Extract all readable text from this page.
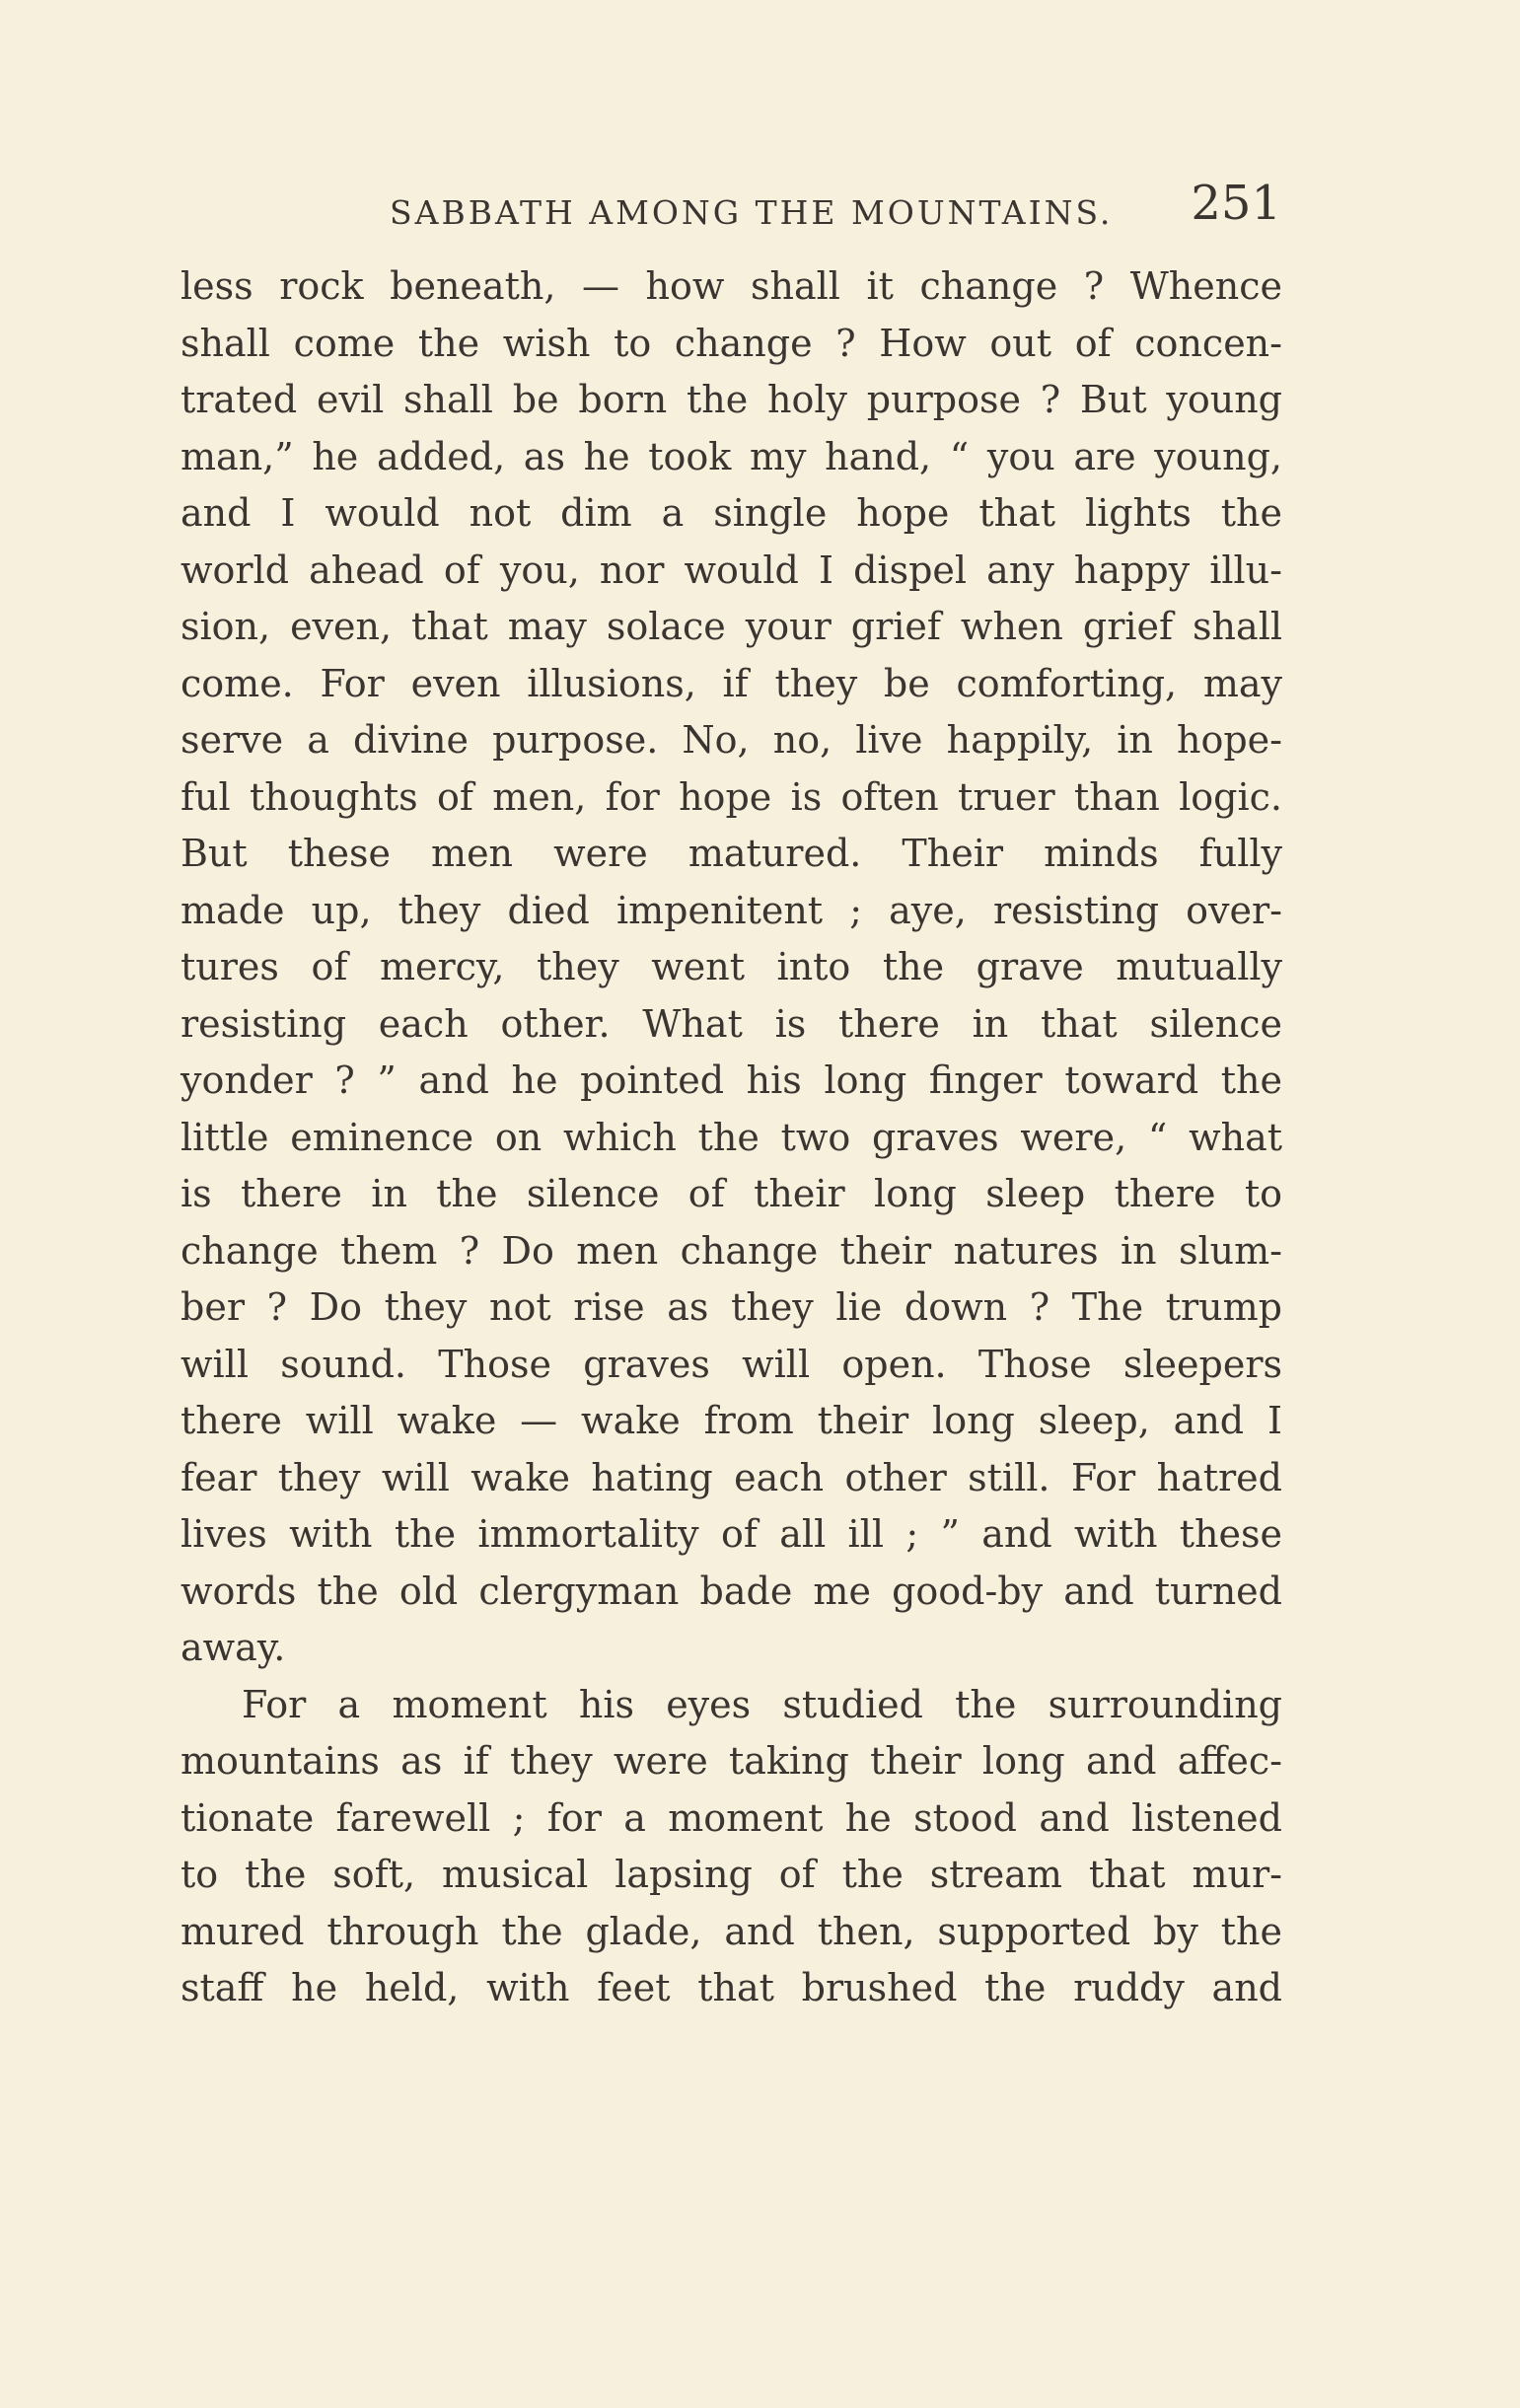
SABBATH AMONG THE MOUNTAINS. 251
less rock beneath, — how shall it change ? Whence
shall come the wish to change ? How out of concen-
trated evil shall be born the holy purpose ? But young
man,” he added, as he took my hand, “ you are young,
and I would not dim a single hope that lights the
world ahead of you, nor would I dispel any happy illu-
sion, even, that may solace your grief when grief shall
come. For even illusions, if they be comforting, may
serve a divine purpose. No, no, live happily, in hope-
ful thoughts of men, for hope is often truer than logic.
But these men were matured. Their minds fully
made up, they died impenitent ; aye, resisting over-
tures of mercy, they went into the grave mutually
resisting each other. What is there in that silence
yonder ? ” and he pointed his long finger toward the
little eminence on which the two graves were, “ what
is there in the silence of their long sleep there to
change them ? Do men change their natures in slum-
ber ? Do they not rise as they lie down ? The trump
will sound. Those graves will open. Those sleepers
there will wake — wake from their long sleep, and I
fear they will wake hating each other still. For hatred
lives with the immortality of all ill ; ” and with these
words the old clergyman bade me good-by and turned
away.
For a moment his eyes studied the surrounding
mountains as if they were taking their long and affec-
tionate farewell ; for a moment he stood and listened
to the soft, musical lapsing of the stream that mur-
mured through the glade, and then, supported by the
staff he held, with feet that brushed the ruddy and
